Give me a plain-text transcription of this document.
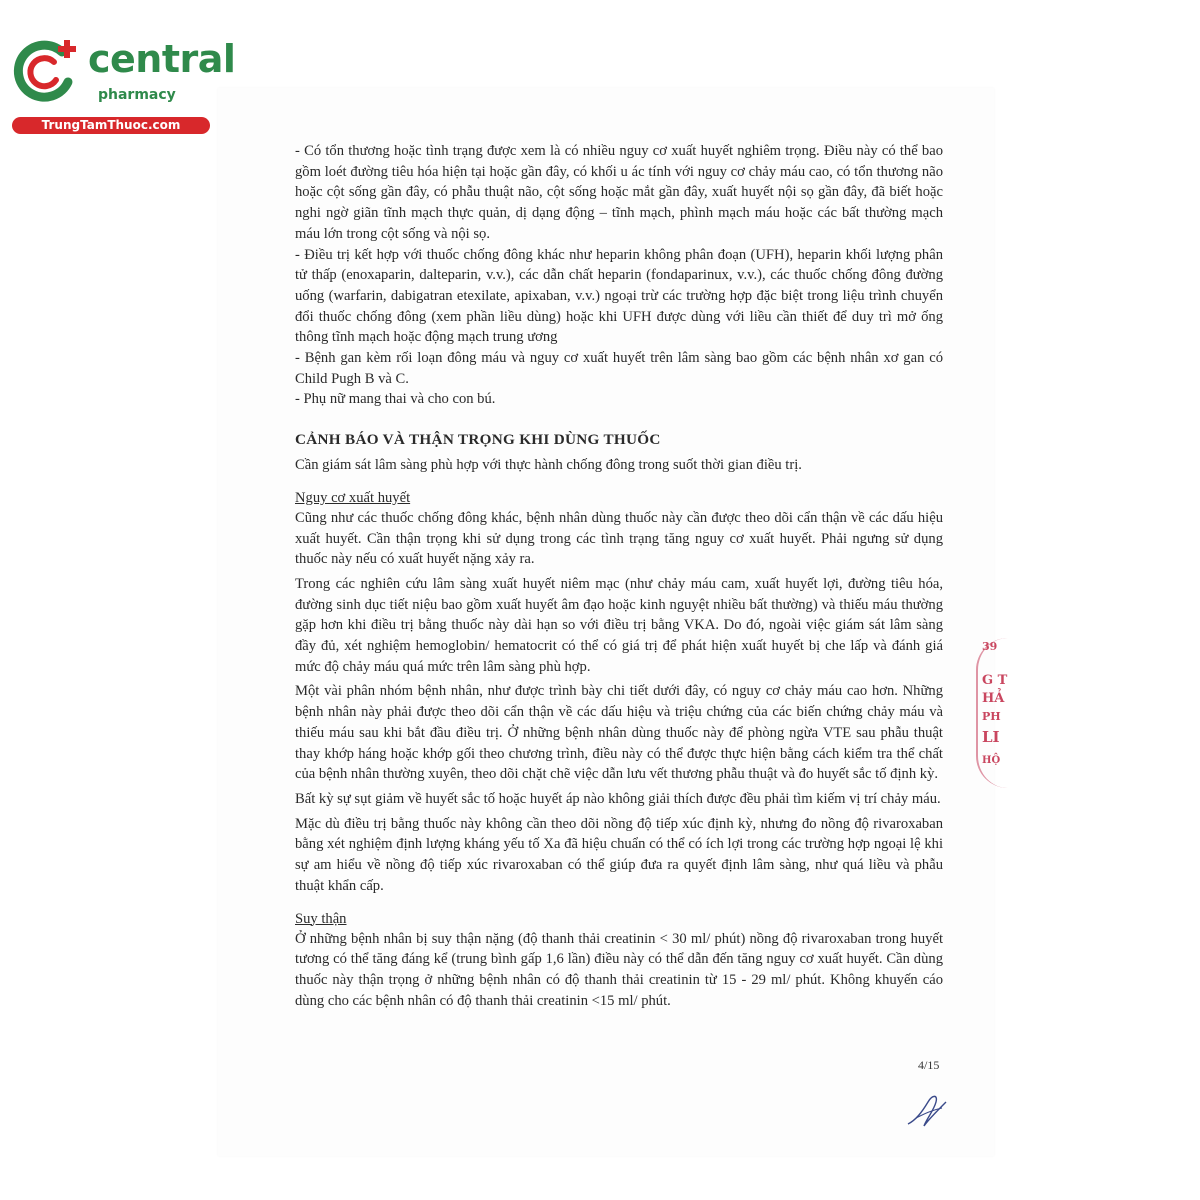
central
pharmacy
TrungTamThuoc.com

- Có tổn thương hoặc tình trạng được xem là có nhiều nguy cơ xuất huyết nghiêm trọng. Điều này có thể bao gồm loét đường tiêu hóa hiện tại hoặc gần đây, có khối u ác tính với nguy cơ chảy máu cao, có tổn thương não hoặc cột sống gần đây, có phẫu thuật não, cột sống hoặc mắt gần đây, xuất huyết nội sọ gần đây, đã biết hoặc nghi ngờ giãn tĩnh mạch thực quản, dị dạng động – tĩnh mạch, phình mạch máu hoặc các bất thường mạch máu lớn trong cột sống và nội sọ.

- Điều trị kết hợp với thuốc chống đông khác như heparin không phân đoạn (UFH), heparin khối lượng phân tử thấp (enoxaparin, dalteparin, v.v.), các dẫn chất heparin (fondaparinux, v.v.), các thuốc chống đông đường uống (warfarin, dabigatran etexilate, apixaban, v.v.) ngoại trừ các trường hợp đặc biệt trong liệu trình chuyển đổi thuốc chống đông (xem phần liều dùng) hoặc khi UFH được dùng với liều cần thiết để duy trì mở ống thông tĩnh mạch hoặc động mạch trung ương

- Bệnh gan kèm rối loạn đông máu và nguy cơ xuất huyết trên lâm sàng bao gồm các bệnh nhân xơ gan có Child Pugh B và C.

- Phụ nữ mang thai và cho con bú.

CẢNH BÁO VÀ THẬN TRỌNG KHI DÙNG THUỐC

Cần giám sát lâm sàng phù hợp với thực hành chống đông trong suốt thời gian điều trị.

Nguy cơ xuất huyết

Cũng như các thuốc chống đông khác, bệnh nhân dùng thuốc này cần được theo dõi cẩn thận về các dấu hiệu xuất huyết. Cần thận trọng khi sử dụng trong các tình trạng tăng nguy cơ xuất huyết. Phải ngưng sử dụng thuốc này nếu có xuất huyết nặng xảy ra.

Trong các nghiên cứu lâm sàng xuất huyết niêm mạc (như chảy máu cam, xuất huyết lợi, đường tiêu hóa, đường sinh dục tiết niệu bao gồm xuất huyết âm đạo hoặc kinh nguyệt nhiều bất thường) và thiếu máu thường gặp hơn khi điều trị bằng thuốc này dài hạn so với điều trị bằng VKA. Do đó, ngoài việc giám sát lâm sàng đầy đủ, xét nghiệm hemoglobin/ hematocrit có thể có giá trị để phát hiện xuất huyết bị che lấp và đánh giá mức độ chảy máu quá mức trên lâm sàng phù hợp.

Một vài phân nhóm bệnh nhân, như được trình bày chi tiết dưới đây, có nguy cơ chảy máu cao hơn. Những bệnh nhân này phải được theo dõi cẩn thận về các dấu hiệu và triệu chứng của các biến chứng chảy máu và thiếu máu sau khi bắt đầu điều trị. Ở những bệnh nhân dùng thuốc này để phòng ngừa VTE sau phẫu thuật thay khớp háng hoặc khớp gối theo chương trình, điều này có thể được thực hiện bằng cách kiểm tra thể chất của bệnh nhân thường xuyên, theo dõi chặt chẽ việc dẫn lưu vết thương phẫu thuật và đo huyết sắc tố định kỳ.

Bất kỳ sự sụt giảm về huyết sắc tố hoặc huyết áp nào không giải thích được đều phải tìm kiếm vị trí chảy máu.

Mặc dù điều trị bằng thuốc này không cần theo dõi nồng độ tiếp xúc định kỳ, nhưng đo nồng độ rivaroxaban bằng xét nghiệm định lượng kháng yếu tố Xa đã hiệu chuẩn có thể có ích lợi trong các trường hợp ngoại lệ khi sự am hiểu về nồng độ tiếp xúc rivaroxaban có thể giúp đưa ra quyết định lâm sàng, như quá liều và phẫu thuật khẩn cấp.

Suy thận

Ở những bệnh nhân bị suy thận nặng (độ thanh thải creatinin < 30 ml/ phút) nồng độ rivaroxaban trong huyết tương có thể tăng đáng kể (trung bình gấp 1,6 lần) điều này có thể dẫn đến tăng nguy cơ xuất huyết. Cần dùng thuốc này thận trọng ở những bệnh nhân có độ thanh thải creatinin từ 15 - 29 ml/ phút. Không khuyến cáo dùng cho các bệnh nhân có độ thanh thải creatinin <15 ml/ phút.

4/15
39
G T
HẢ
PH
LI
HỘ
